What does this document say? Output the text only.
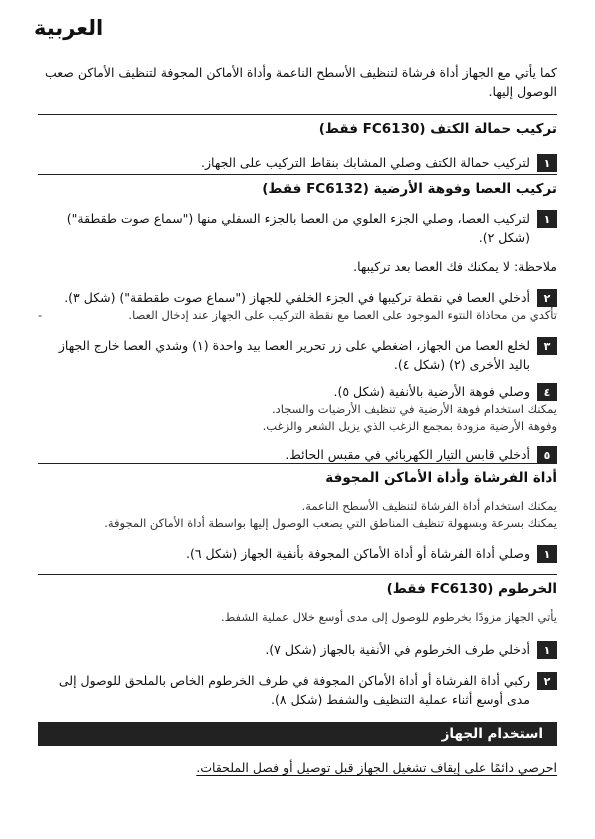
العربية
كما يأتي مع الجهاز أداة فرشاة لتنظيف الأسطح الناعمة وأداة الأماكن المجوفة لتنظيف الأماكن صعب الوصول إليها.
تركيب حمالة الكتف (FC6130 فقط)
١
لتركيب حمالة الكتف وصلي المشابك بنقاط التركيب على الجهاز.
تركيب العصا وفوهة الأرضية (FC6132 فقط)
١
لتركيب العصا، وصلي الجزء العلوي من العصا بالجزء السفلي منها ("سماع صوت طقطقة") (شكل ٢).
ملاحظة: لا يمكنك فك العصا بعد تركيبها.
٢
أدخلي العصا في نقطة تركيبها في الجزء الخلفي للجهاز ("سماع صوت طقطقة") (شكل ٣).
تأكدي من محاذاة النتوء الموجود على العصا مع نقطة التركيب على الجهاز عند إدخال العصا.
-
٣
لخلع العصا من الجهاز، اضغطي على زر تحرير العصا بيد واحدة (١) وشدي العصا خارج الجهاز باليد الأخرى (٢) (شكل ٤).
٤
وصلي فوهة الأرضية بالأنفية (شكل ٥).
يمكنك استخدام فوهة الأرضية في تنظيف الأرضيات والسجاد.
وفوهة الأرضية مزودة بمجمع الزغب الذي يزيل الشعر والزغب.
٥
أدخلي قابس التيار الكهربائي في مقبس الحائط.
أداة الفرشاة وأداة الأماكن المجوفة
يمكنك استخدام أداة الفرشاة لتنظيف الأسطح الناعمة.
يمكنك بسرعة وبسهولة تنظيف المناطق التي يصعب الوصول إليها بواسطة أداة الأماكن المجوفة.
١
وصلي أداة الفرشاة أو أداة الأماكن المجوفة بأنفية الجهاز (شكل ٦).
الخرطوم (FC6130 فقط)
يأتي الجهاز مزودًا بخرطوم للوصول إلى مدى أوسع خلال عملية الشفط.
١
أدخلي طرف الخرطوم في الأنفية بالجهاز (شكل ٧).
٢
ركبي أداة الفرشاة أو أداة الأماكن المجوفة في طرف الخرطوم الخاص بالملحق للوصول إلى مدى أوسع أثناء عملية التنظيف والشفط (شكل ٨).
استخدام الجهاز
احرصي دائمًا على إيقاف تشغيل الجهاز قبل توصيل أو فصل الملحقات.
